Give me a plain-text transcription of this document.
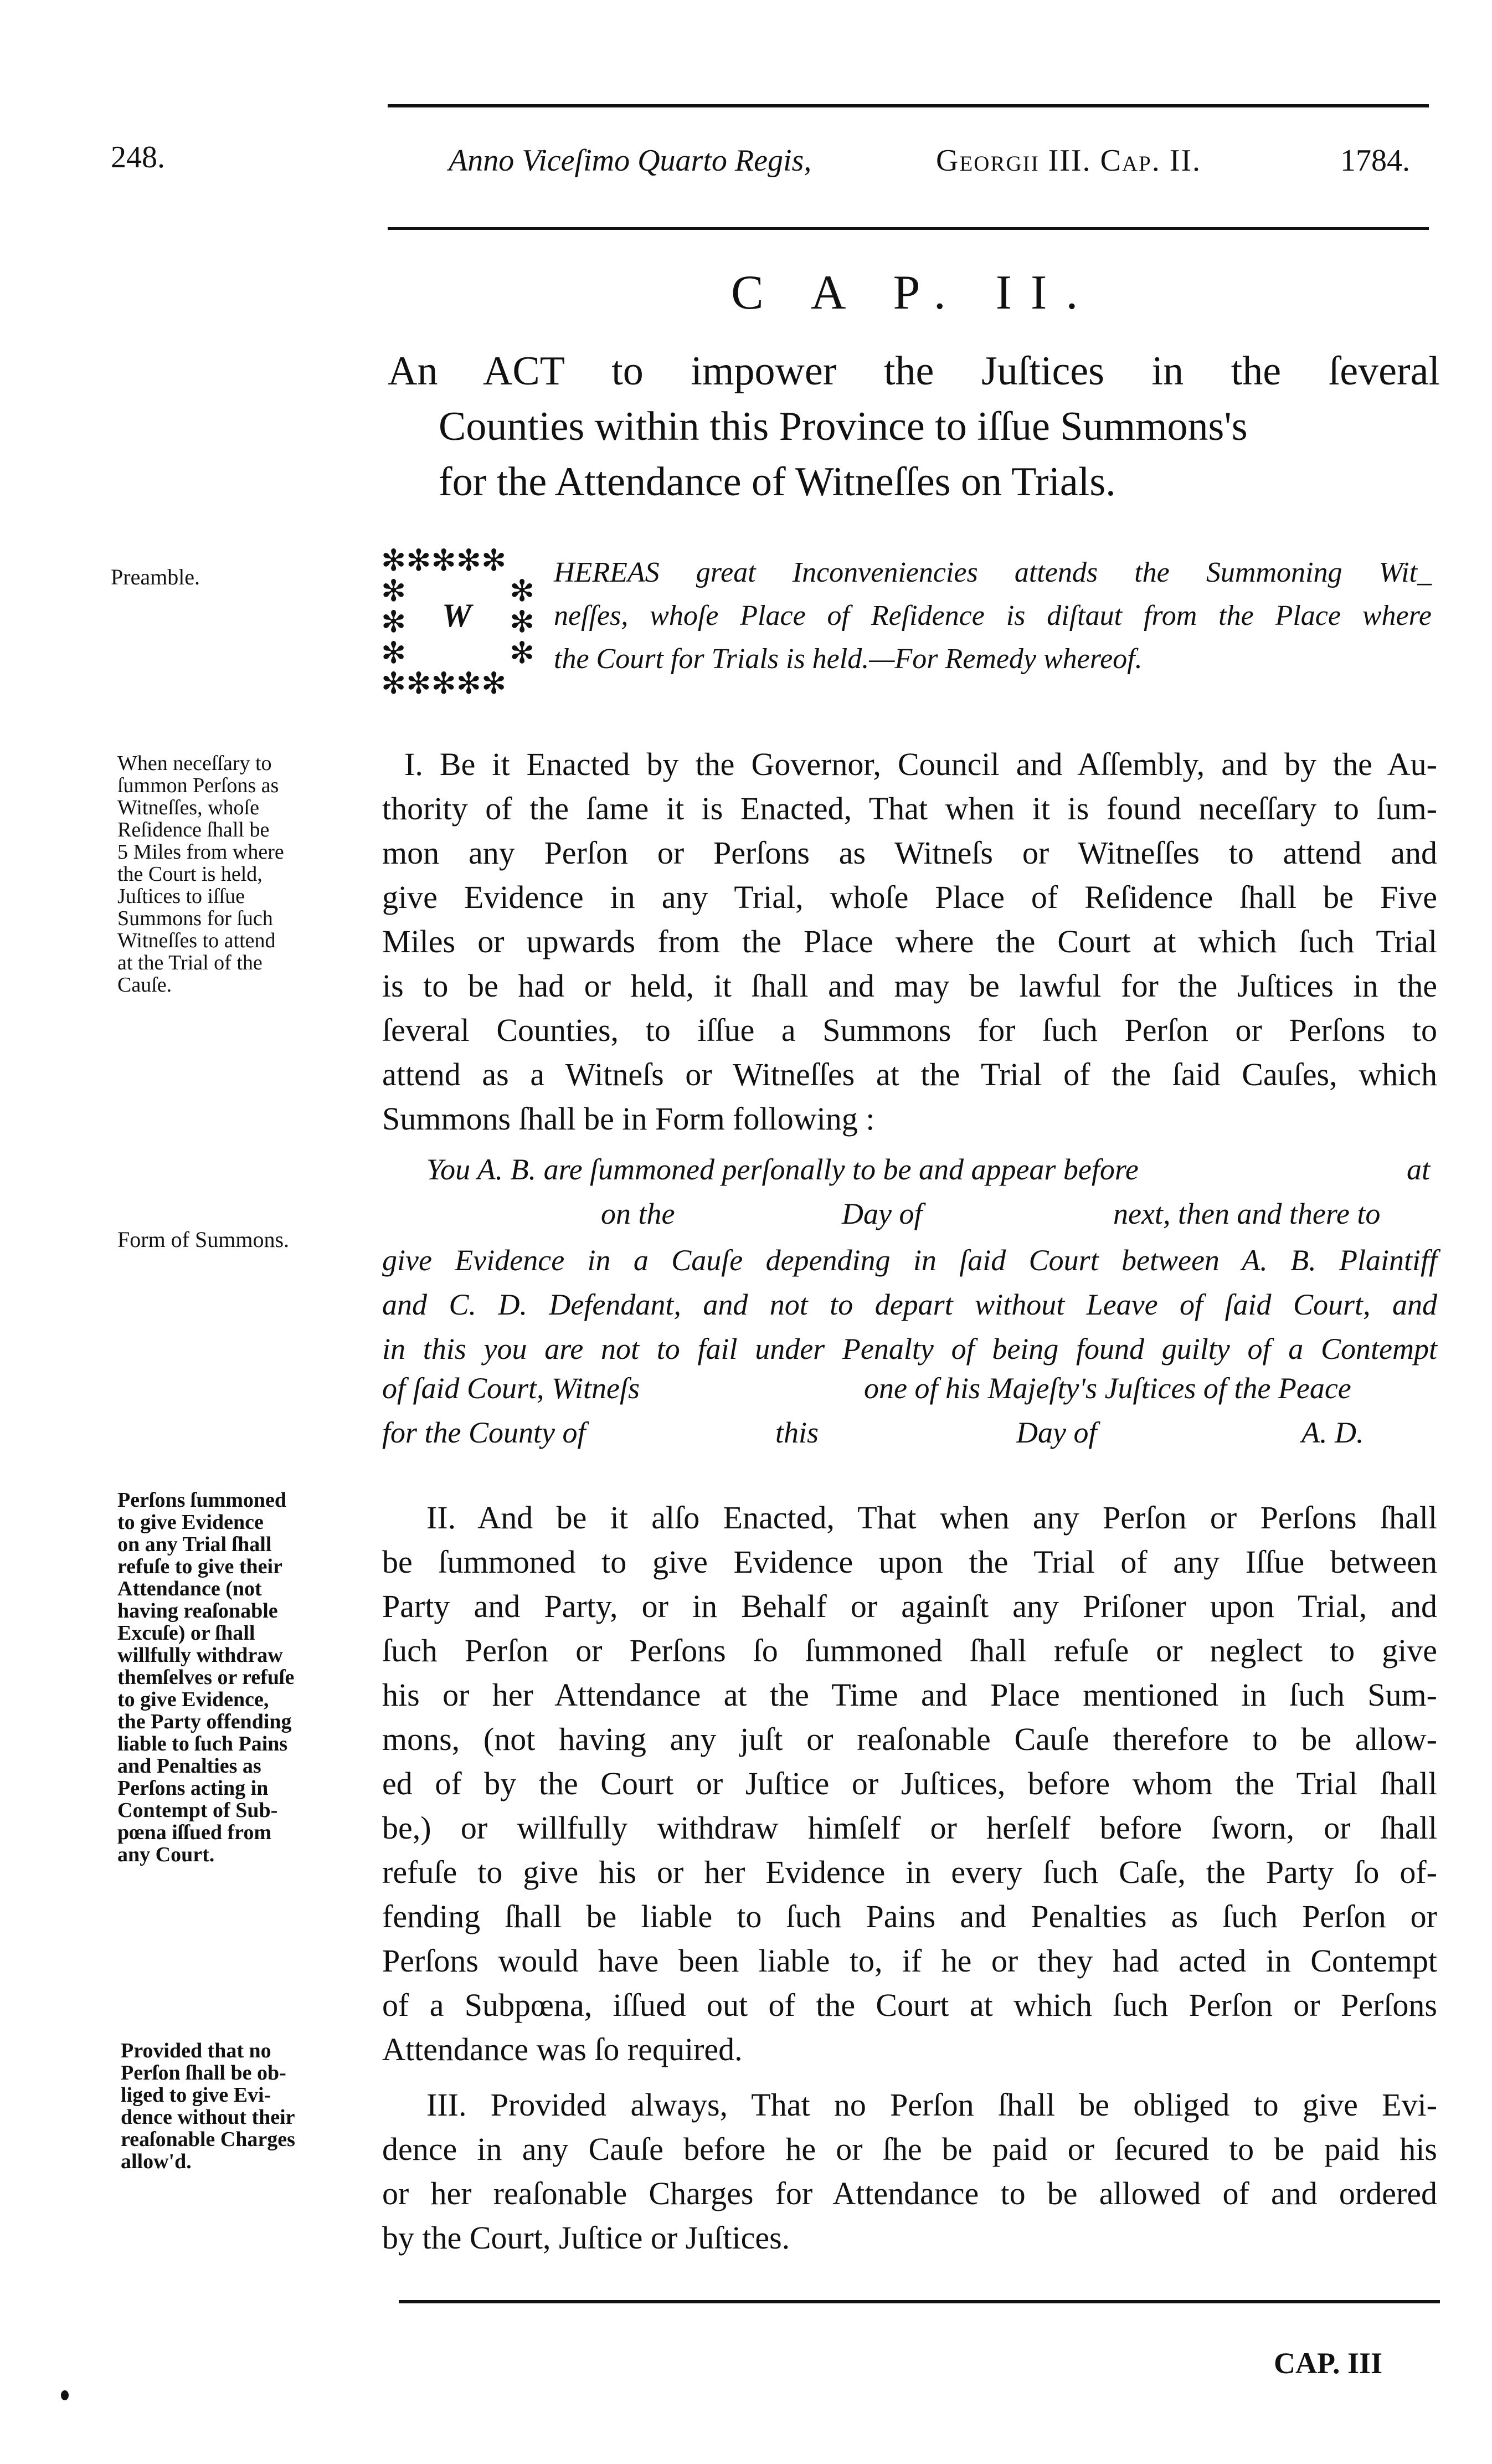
248.	Anno Viceſimo Quarto Regis,	Georgii III. Cap. II.	1784.
C A P. II.
An ACT to impower the Juſtices in the ſeveral
Counties within this Province to iſſue Summons's
for the Attendance of Witneſſes on Trials.
Preamble.
When neceſſary to
ſummon Perſons as
Witneſſes, whoſe
Reſidence ſhall be
5 Miles from where
the Court is held,
Juſtices to iſſue
Summons for ſuch
Witneſſes to attend
at the Trial of the
Cauſe.
Form of Summons.
Perſons ſummoned
to give Evidence
on any Trial ſhall
refuſe to give their
Attendance (not
having reaſonable
Excuſe) or ſhall
willfully withdraw
themſelves or refuſe
to give Evidence,
the Party offending
liable to ſuch Pains
and Penalties as
Perſons acting in
Contempt of Sub-
pœna iſſued from
any Court.
Provided that no
Perſon ſhall be ob-
liged to give Evi-
dence without their
reaſonable Charges
allow'd.
✻✻✻✻✻
✻
✻
✻
✻
✻
✻
✻✻✻✻✻
W
HEREAS great Inconveniencies attends the Summoning Wit_
neſſes, whoſe Place of Reſidence is diſtaut from the Place where
the Court for Trials is held.—For Remedy whereof.
I. Be it Enacted by the Governor, Council and Aſſembly, and by the Au-
thority of the ſame it is Enacted, That when it is found neceſſary to ſum-
mon any Perſon or Perſons as Witneſs or Witneſſes to attend and
give Evidence in any Trial, whoſe Place of Reſidence ſhall be Five
Miles or upwards from the Place where the Court at which ſuch Trial
is to be had or held, it ſhall and may be lawful for the Juſtices in the
ſeveral Counties, to iſſue a Summons for ſuch Perſon or Perſons to
attend as a Witneſs or Witneſſes at the Trial of the ſaid Cauſes, which
Summons ſhall be in Form following :
You A. B. are ſummoned perſonally to be and appear before	at
on the	Day of	next, then and there to
give Evidence in a Cauſe depending in ſaid Court between A. B. Plaintiff
and C. D. Defendant, and not to depart without Leave of ſaid Court, and
in this you are not to fail under Penalty of being found guilty of a Contempt
of ſaid Court, Witneſs	one of his Majeſty's Juſtices of the Peace
for the County of	this	Day of	A. D.
II. And be it alſo Enacted, That when any Perſon or Perſons ſhall
be ſummoned to give Evidence upon the Trial of any Iſſue between
Party and Party, or in Behalf or againſt any Priſoner upon Trial, and
ſuch Perſon or Perſons ſo ſummoned ſhall refuſe or neglect to give
his or her Attendance at the Time and Place mentioned in ſuch Sum-
mons, (not having any juſt or reaſonable Cauſe therefore to be allow-
ed of by the Court or Juſtice or Juſtices, before whom the Trial ſhall
be,) or willfully withdraw himſelf or herſelf before ſworn, or ſhall
refuſe to give his or her Evidence in every ſuch Caſe, the Party ſo of-
fending ſhall be liable to ſuch Pains and Penalties as ſuch Perſon or
Perſons would have been liable to, if he or they had acted in Contempt
of a Subpœna, iſſued out of the Court at which ſuch Perſon or Perſons
Attendance was ſo required.
III. Provided always, That no Perſon ſhall be obliged to give Evi-
dence in any Cauſe before he or ſhe be paid or ſecured to be paid his
or her reaſonable Charges for Attendance to be allowed of and ordered
by the Court, Juſtice or Juſtices.
CAP. III
